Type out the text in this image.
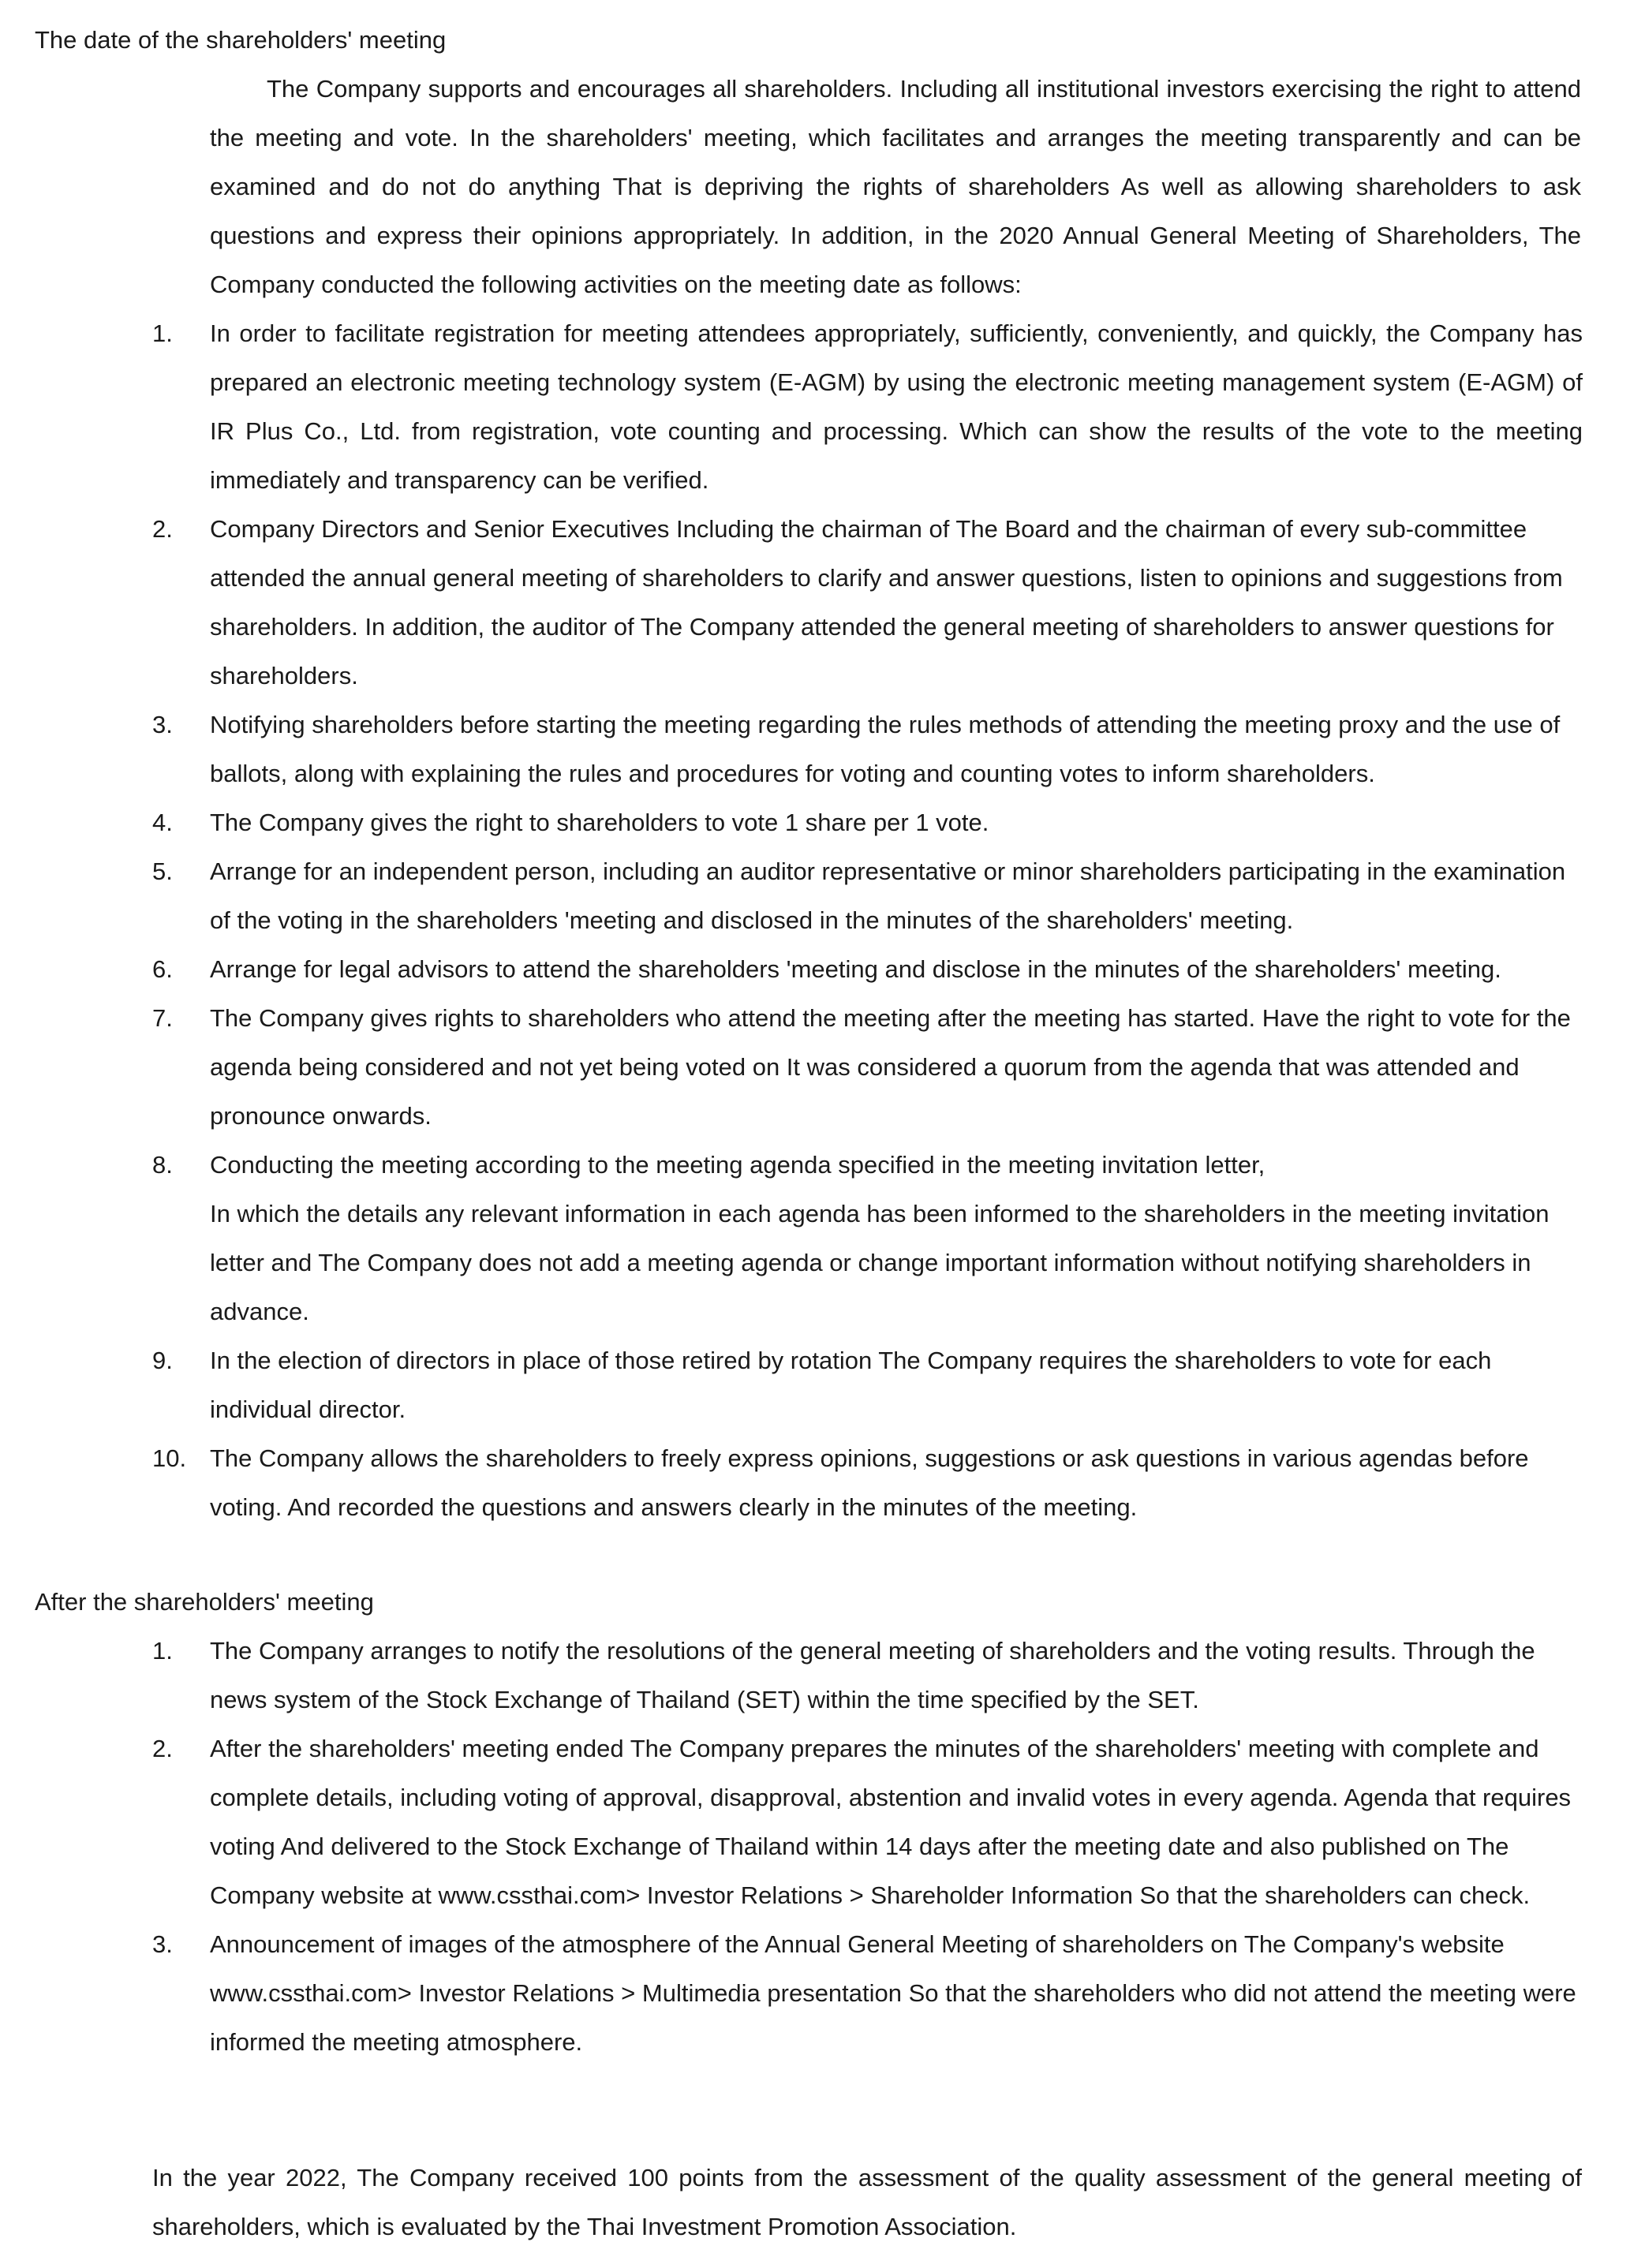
The date of the shareholders' meeting

The Company supports and encourages all shareholders. Including all institutional investors exercising the right to attend the meeting and vote. In the shareholders' meeting, which facilitates and arranges the meeting transparently and can be examined and do not do anything That is depriving the rights of shareholders As well as allowing shareholders to ask questions and express their opinions appropriately. In addition, in the 2020 Annual General Meeting of Shareholders, The Company conducted the following activities on the meeting date as follows:

1.	In order to facilitate registration for meeting attendees appropriately, sufficiently, conveniently, and quickly, the Company has prepared an electronic meeting technology system (E-AGM) by using the electronic meeting management system (E-AGM) of IR Plus Co., Ltd. from registration, vote counting and processing. Which can show the results of the vote to the meeting immediately and transparency can be verified.
2.	Company Directors and Senior Executives Including the chairman of The Board and the chairman of every sub-committee attended the annual general meeting of shareholders to clarify and answer questions, listen to opinions and suggestions from shareholders. In addition, the auditor of The Company attended the general meeting of shareholders to answer questions for shareholders.
3.	Notifying shareholders before starting the meeting regarding the rules methods of attending the meeting proxy and the use of ballots, along with explaining the rules and procedures for voting and counting votes to inform shareholders.
4.	The Company gives the right to shareholders to vote 1 share per 1 vote.
5.	Arrange for an independent person, including an auditor representative or minor shareholders participating in the examination of the voting in the shareholders 'meeting and disclosed in the minutes of the shareholders' meeting.
6.	Arrange for legal advisors to attend the shareholders 'meeting and disclose in the minutes of the shareholders' meeting.
7.	The Company gives rights to shareholders who attend the meeting after the meeting has started. Have the right to vote for the agenda being considered and not yet being voted on It was considered a quorum from the agenda that was attended and pronounce onwards.
8.	Conducting the meeting according to the meeting agenda specified in the meeting invitation letter,
In which the details any relevant information in each agenda has been informed to the shareholders in the meeting invitation letter and The Company does not add a meeting agenda or change important information without notifying shareholders in advance.
9.	In the election of directors in place of those retired by rotation The Company requires the shareholders to vote for each individual director.
10. The Company allows the shareholders to freely express opinions, suggestions or ask questions in various agendas before voting. And recorded the questions and answers clearly in the minutes of the meeting.
After the shareholders' meeting
1.	The Company arranges to notify the resolutions of the general meeting of shareholders and the voting results. Through the news system of the Stock Exchange of Thailand (SET) within the time specified by the SET.
2.	After the shareholders' meeting ended The Company prepares the minutes of the shareholders' meeting with complete and complete details, including voting of approval, disapproval, abstention and invalid votes in every agenda. Agenda that requires voting And delivered to the Stock Exchange of Thailand within 14 days after the meeting date and also published on The Company website at www.cssthai.com> Investor Relations > Shareholder Information So that the shareholders can check.
3.	Announcement of images of the atmosphere of the Annual General Meeting of shareholders on The Company's website www.cssthai.com> Investor Relations > Multimedia presentation So that the shareholders who did not attend the meeting were informed the meeting atmosphere.

In the year 2022, The Company received 100 points from the assessment of the quality assessment of the general meeting of shareholders, which is evaluated by the Thai Investment Promotion Association.
